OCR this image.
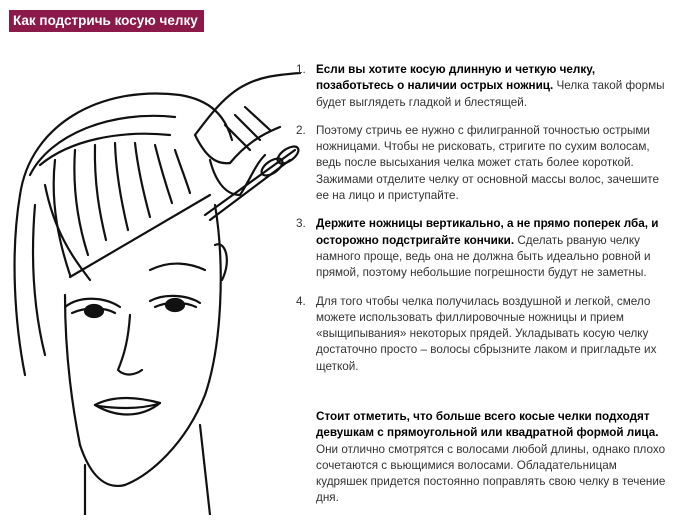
Как подстричь косую челку
1. Если вы хотите косую длинную и четкую челку, позаботьтесь о наличии острых ножниц. Челка такой формы будет выглядеть гладкой и блестящей.
2. Поэтому стричь ее нужно с филигранной точностью острыми ножницами. Чтобы не рисковать, стригите по сухим волосам, ведь после высыхания челка может стать более короткой. Зажимами отделите челку от основной массы волос, зачешите ее на лицо и приступайте.
3. Держите ножницы вертикально, а не прямо поперек лба, и осторожно подстригайте кончики. Сделать рваную челку намного проще, ведь она не должна быть идеально ровной и прямой, поэтому небольшие погрешности будут не заметны.
4. Для того чтобы челка получилась воздушной и легкой, смело можете использовать филлировочные ножницы и прием «выщипывания» некоторых прядей. Укладывать косую челку достаточно просто – волосы сбрызните лаком и пригладьте их щеткой.

Стоит отметить, что больше всего косые челки подходят девушкам с прямоугольной или квадратной формой лица. Они отлично смотрятся с волосами любой длины, однако плохо сочетаются с вьющимися волосами. Обладательницам кудряшек придется постоянно поправлять свою челку в течение дня.
